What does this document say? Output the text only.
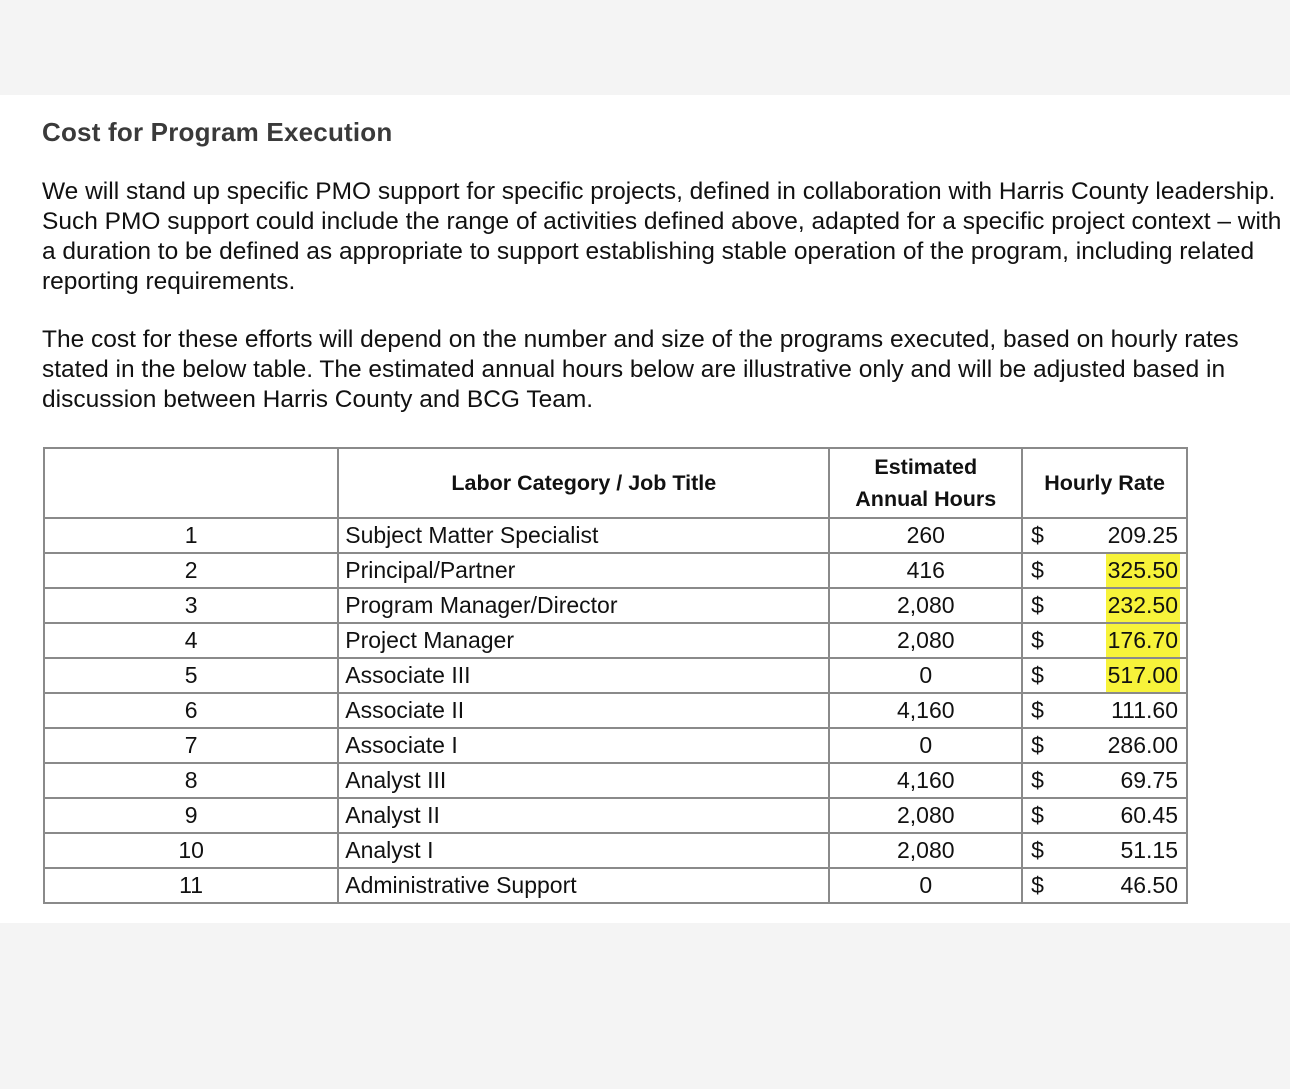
Cost for Program Execution

We will stand up specific PMO support for specific projects, defined in collaboration with Harris County leadership. Such PMO support could include the range of activities defined above, adapted for a specific project context – with a duration to be defined as appropriate to support establishing stable operation of the program, including related reporting requirements.

The cost for these efforts will depend on the number and size of the programs executed, based on hourly rates stated in the below table. The estimated annual hours below are illustrative only and will be adjusted based in discussion between Harris County and BCG Team.

	Labor Category / Job Title	Estimated Annual Hours	Hourly Rate
1	Subject Matter Specialist	260	$ 209.25

2	Principal/Partner	416	$ 325.50

3	Program Manager/Director	2,080	$ 232.50

4	Project Manager	2,080	$ 176.70

5	Associate III	0	$ 517.00

6	Associate II	4,160	$ 111.60

7	Associate I	0	$ 286.00

8	Analyst III	4,160	$ 69.75

9	Analyst II	2,080	$ 60.45

10	Analyst I	2,080	$ 51.15

11	Administrative Support	0	$ 46.50
